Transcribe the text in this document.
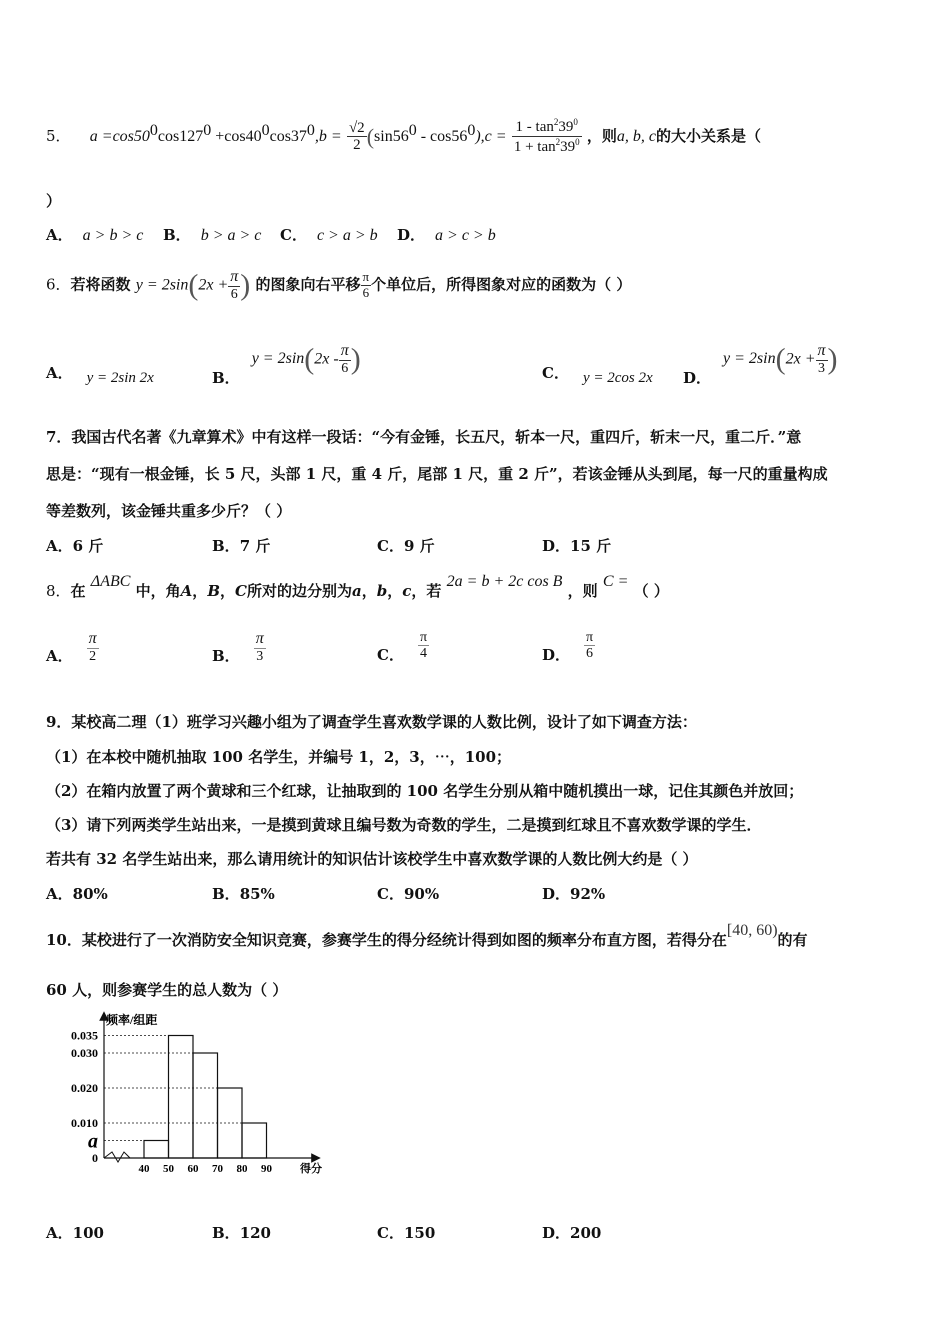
5． $a =\cos 50^0\cos 127^0 +\cos 40^0\cos 37^0,b = \frac{√2}{2} (\sin 56^0 - \cos 56^0),c = \frac{1 - \tan^239^0}{1 + \tan^239^0}$ ，则a, b, c的大小关系是（
）
A． a > b > c B． b > a > c C． c > a > b D． a > c > b
6．若将函数 $y = 2\sin(2x + \frac{\pi}{6}$ ) 的图象向右平移 $\frac{\pi}{6}$ 个单位后，所得图象对应的函数为（ ）
A． y = 2sin 2x	B．$y = 2\sin(2x - \frac{\pi}{6}$ )	C． y = 2cos 2x D．$y = 2\sin(2x + \frac{\pi}{3}$ )
7．我国古代名著《九章算术》中有这样一段话：“今有金锤，长五尺，斩本一尺，重四斤，斩末一尺，重二斤．”意
思是：“现有一根金锤，长 5 尺，头部 1 尺，重 4 斤，尾部 1 尺，重 2 斤”，若该金锤从头到尾，每一尺的重量构成
等差数列，该金锤共重多少斤？（ ）
A．6 斤	B．7 斤	C．9 斤	D．15 斤
8．在 ΔABC 中，角A，B，C所对的边分别为a，b，c，若 2a = b + 2c cos B ，则 C = （ ）
A． $\frac{\pi}{2}$	B． $\frac{\pi}{3}$	C． $\frac{\pi}{4}$	D． $\frac{\pi}{6}$
9．某校高二理（1）班学习兴趣小组为了调查学生喜欢数学课的人数比例，设计了如下调查方法：
（1）在本校中随机抽取 100 名学生，并编号 1，2，3，⋯，100；
（2）在箱内放置了两个黄球和三个红球，让抽取到的 100 名学生分别从箱中随机摸出一球，记住其颜色并放回；
（3）请下列两类学生站出来，一是摸到黄球且编号数为奇数的学生，二是摸到红球且不喜欢数学课的学生．
若共有 32 名学生站出来，那么请用统计的知识估计该校学生中喜欢数学课的人数比例大约是（ ）
A．80%	B．85%	C．90%	D．92%
10．某校进行了一次消防安全知识竞赛，参赛学生的得分经统计得到如图的频率分布直方图，若得分在[40, 60)的有
60 人，则参赛学生的总人数为（ ）
0.035
0.030
0.020
0.010
a
0
40 50 60 70 80 90
频率/组距
得分
A．100	B．120	C．150	D．200
